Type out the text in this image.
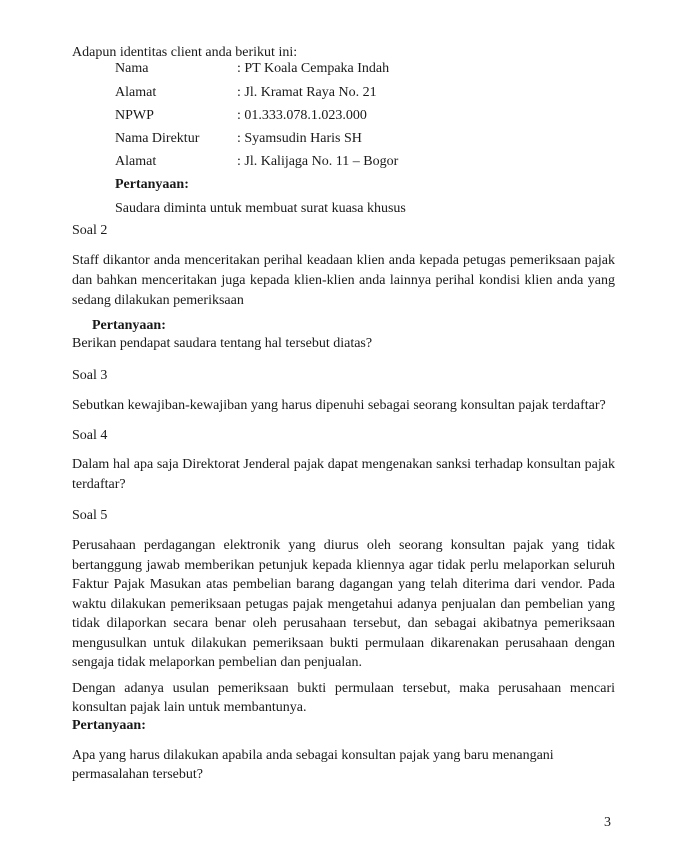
Adapun identitas client anda berikut ini:
Nama	: PT Koala Cempaka Indah
Alamat	: Jl. Kramat Raya No. 21
NPWP	: 01.333.078.1.023.000
Nama Direktur	: Syamsudin Haris SH
Alamat	: Jl. Kalijaga No. 11 – Bogor
Pertanyaan:
Saudara diminta untuk membuat surat kuasa khusus
Soal 2
Staff dikantor anda menceritakan perihal keadaan klien anda kepada petugas pemeriksaan pajak
dan bahkan menceritakan juga kepada klien-klien anda lainnya perihal kondisi klien anda yang
sedang dilakukan pemeriksaan
Pertanyaan:
Berikan pendapat saudara tentang hal tersebut diatas?
Soal 3
Sebutkan kewajiban-kewajiban yang harus dipenuhi sebagai seorang konsultan pajak terdaftar?
Soal 4
Dalam hal apa saja Direktorat Jenderal pajak dapat mengenakan sanksi terhadap konsultan pajak
terdaftar?
Soal 5
Perusahaan perdagangan elektronik yang diurus oleh seorang konsultan pajak yang tidak
bertanggung jawab memberikan petunjuk kepada kliennya agar tidak perlu melaporkan seluruh
Faktur Pajak Masukan atas pembelian barang dagangan yang telah diterima dari vendor. Pada
waktu dilakukan pemeriksaan petugas pajak mengetahui adanya penjualan dan pembelian yang
tidak dilaporkan secara benar oleh perusahaan tersebut, dan sebagai akibatnya pemeriksaan
mengusulkan untuk dilakukan pemeriksaan bukti permulaan dikarenakan perusahaan dengan
sengaja tidak melaporkan pembelian dan penjualan.
Dengan adanya usulan pemeriksaan bukti permulaan tersebut, maka perusahaan mencari
konsultan pajak lain untuk membantunya.
Pertanyaan:
Apa yang harus dilakukan apabila anda sebagai konsultan pajak yang baru menangani
permasalahan tersebut?
3
